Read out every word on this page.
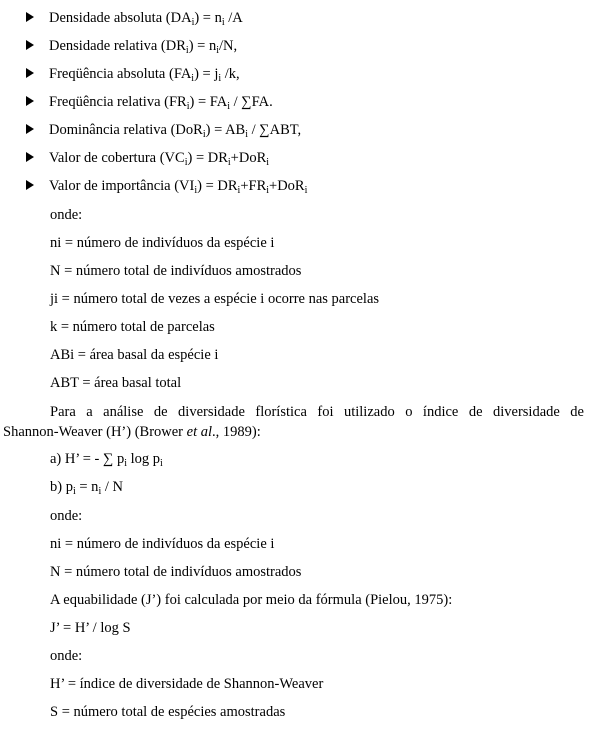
Densidade absoluta $(DA_i) = n_i$ /A
Densidade relativa $(DR_i) = n_i/N$,
Freqüência absoluta $(FA_i) = j_i$ /k,
Freqüência relativa $(FR_i) = FA_i / \sum FA$.
Dominância relativa $(DoR_i) = AB_i / \sum ABT$,
Valor de cobertura $(VC_i) = DR_i+DoR_i$
Valor de importância $(VI_i) = DR_i+FR_i+DoR_i$
onde:
ni = número de indivíduos da espécie i
N = número total de indivíduos amostrados
ji = número total de vezes a espécie i ocorre nas parcelas
k = número total de parcelas
ABi = área basal da espécie i
ABT = área basal total
Para a análise de diversidade florística foi utilizado o índice de diversidade de
Shannon-Weaver (H’) (Brower et al., 1989):
a) H’ = - ∑ $p_i$ $\log p_i$
b) $p_i = n_i / N$
onde:
ni = número de indivíduos da espécie i
N = número total de indivíduos amostrados
A equabilidade (J’) foi calculada por meio da fórmula (Pielou, 1975):
J’ = H’ / log S
onde:
H’ = índice de diversidade de Shannon-Weaver
S = número total de espécies amostradas
